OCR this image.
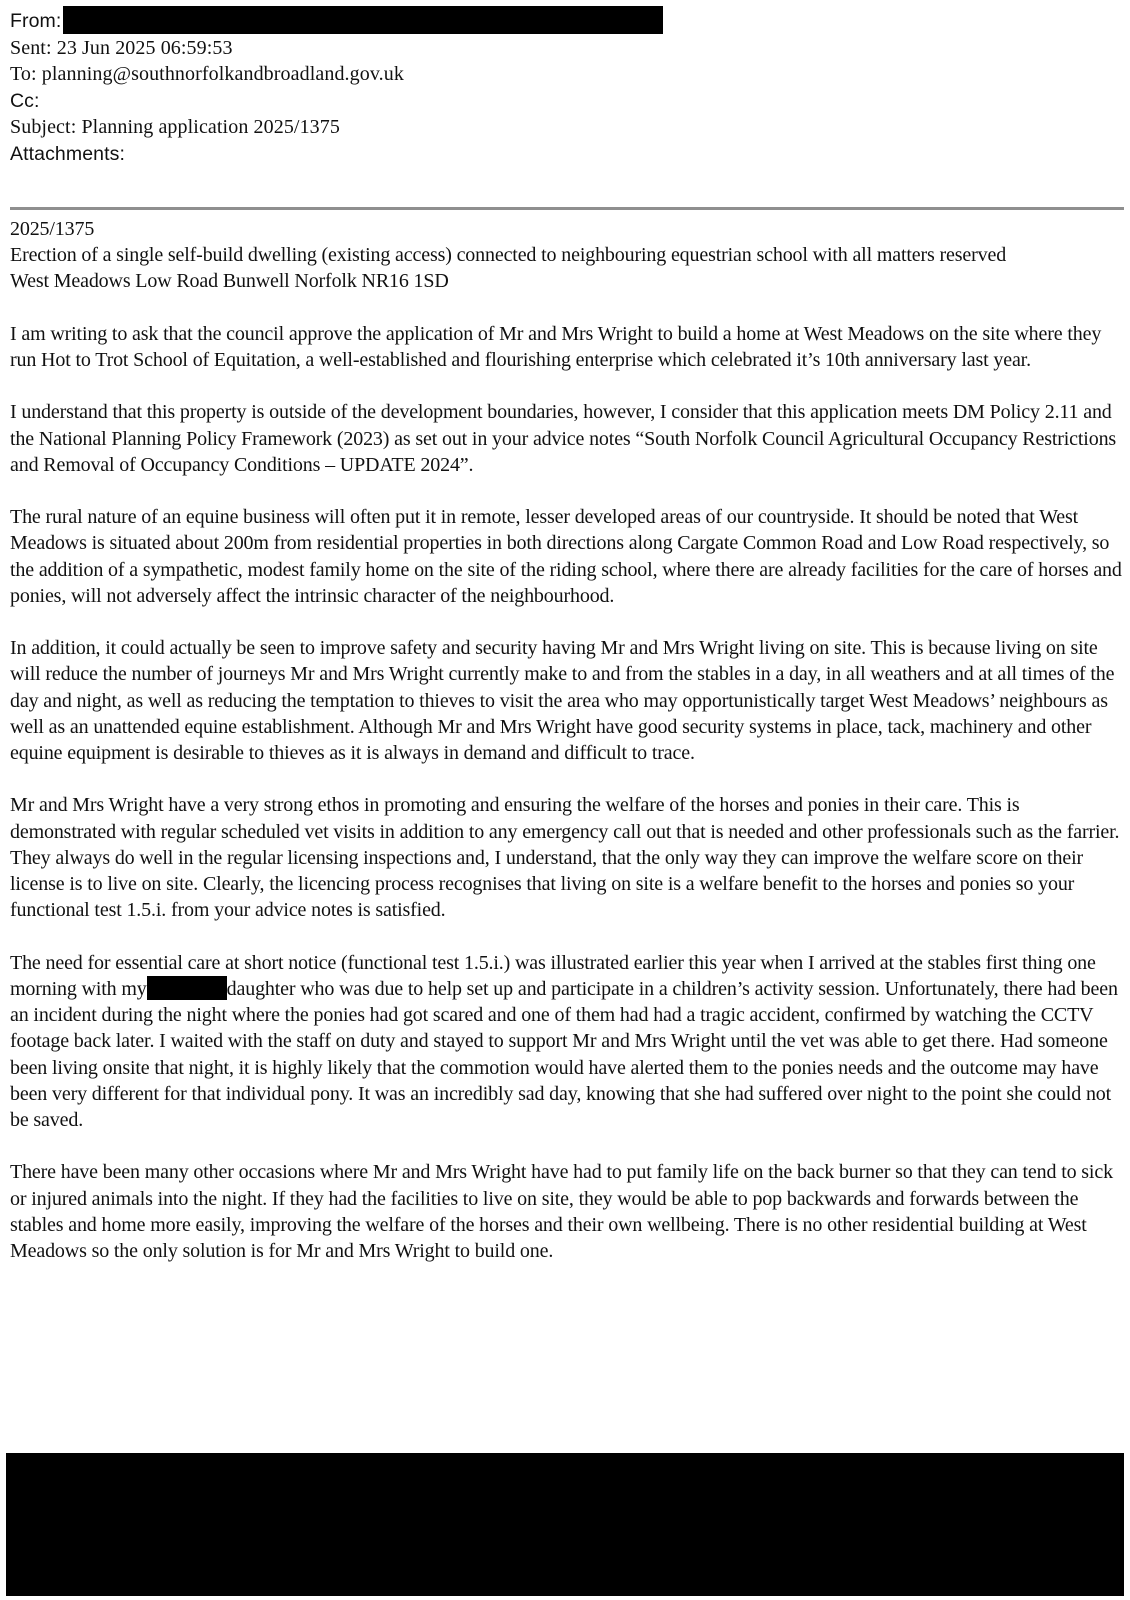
From:
Sent: 23 Jun 2025 06:59:53
To: planning@southnorfolkandbroadland.gov.uk
Cc:
Subject: Planning application 2025/1375
Attachments:
2025/1375
Erection of a single self-build dwelling (existing access) connected to neighbouring equestrian school with all matters reserved
West Meadows Low Road Bunwell Norfolk NR16 1SD

I am writing to ask that the council approve the application of Mr and Mrs Wright to build a home at West Meadows on the site where they run Hot to Trot School of Equitation, a well-established and flourishing enterprise which celebrated it’s 10th anniversary last year.

I understand that this property is outside of the development boundaries, however, I consider that this application meets DM Policy 2.11 and the National Planning Policy Framework (2023) as set out in your advice notes “South Norfolk Council Agricultural Occupancy Restrictions and Removal of Occupancy Conditions – UPDATE 2024”.

The rural nature of an equine business will often put it in remote, lesser developed areas of our countryside. It should be noted that West Meadows is situated about 200m from residential properties in both directions along Cargate Common Road and Low Road respectively, so the addition of a sympathetic, modest family home on the site of the riding school, where there are already facilities for the care of horses and ponies, will not adversely affect the intrinsic character of the neighbourhood.

In addition, it could actually be seen to improve safety and security having Mr and Mrs Wright living on site. This is because living on site will reduce the number of journeys Mr and Mrs Wright currently make to and from the stables in a day, in all weathers and at all times of the day and night, as well as reducing the temptation to thieves to visit the area who may opportunistically target West Meadows’ neighbours as well as an unattended equine establishment. Although Mr and Mrs Wright have good security systems in place, tack, machinery and other equine equipment is desirable to thieves as it is always in demand and difficult to trace.

Mr and Mrs Wright have a very strong ethos in promoting and ensuring the welfare of the horses and ponies in their care. This is demonstrated with regular scheduled vet visits in addition to any emergency call out that is needed and other professionals such as the farrier. They always do well in the regular licensing inspections and, I understand, that the only way they can improve the welfare score on their license is to live on site. Clearly, the licencing process recognises that living on site is a welfare benefit to the horses and ponies so your functional test 1.5.i. from your advice notes is satisfied.

The need for essential care at short notice (functional test 1.5.i.) was illustrated earlier this year when I arrived at the stables first thing one morning with my	daughter who was due to help set up and participate in a children’s activity session. Unfortunately, there had been an incident during the night where the ponies had got scared and one of them had had a tragic accident, confirmed by watching the CCTV footage back later. I waited with the staff on duty and stayed to support Mr and Mrs Wright until the vet was able to get there. Had someone been living onsite that night, it is highly likely that the commotion would have alerted them to the ponies needs and the outcome may have been very different for that individual pony. It was an incredibly sad day, knowing that she had suffered over night to the point she could not be saved.

There have been many other occasions where Mr and Mrs Wright have had to put family life on the back burner so that they can tend to sick or injured animals into the night. If they had the facilities to live on site, they would be able to pop backwards and forwards between the stables and home more easily, improving the welfare of the horses and their own wellbeing. There is no other residential building at West Meadows so the only solution is for Mr and Mrs Wright to build one.
